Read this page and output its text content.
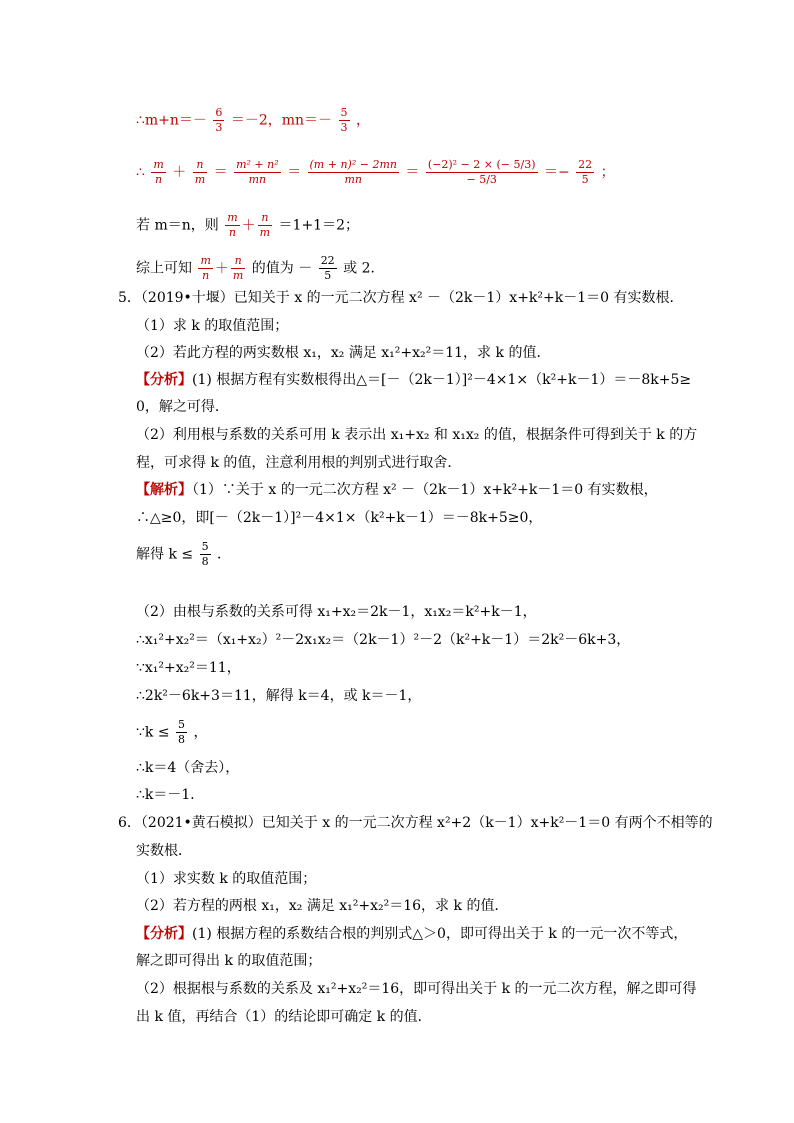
∴m+n＝－ $\frac{6}{3} =-2$，$mn=- \frac{5}{3}$ ，
∴ $\frac{m}{n} + \frac{n}{m} = \frac{\text{m² + n²}}{mn} = \frac{\text{(m + n)² − 2mn}}{mn} = \frac{\text{(−2)² − 2 × (− 5/3)}}{- 5/3} =- \frac{22}{5}$ ；
若 m＝n，则 $\frac{m}{n} + \frac{n}{m} =1+1=2$；
综上可知 $\frac{m}{n} + \frac{n}{m}$ 的值为 － $\frac{22}{5}$ 或 2．
5．（2019•十堰）已知关于 x 的一元二次方程 x² －（2k－1）x+k²+k－1＝0 有实数根．
（1）求 k 的取值范围；
（2）若此方程的两实数根 x₁，x₂ 满足 x₁²+x₂²＝11，求 k 的值．
【分析】(1) 根据方程有实数根得出△＝[－（2k－1）]²－4×1×（k²+k－1）＝－8k+5≥
0，解之可得．
（2）利用根与系数的关系可用 k 表示出 x₁+x₂ 和 x₁x₂ 的值，根据条件可得到关于 k 的方
程，可求得 k 的值，注意利用根的判别式进行取舍．
【解析】（1）∵关于 x 的一元二次方程 x² －（2k－1）x+k²+k－1＝0 有实数根，
∴△≥0，即[－（2k－1）]²－4×1×（k²+k－1）＝－8k+5≥0，
解得 $k \le \frac{5}{8}$ ．
（2）由根与系数的关系可得 x₁+x₂＝2k－1，x₁x₂＝k²+k－1，
∴x₁²+x₂²＝（x₁+x₂）²－2x₁x₂＝（2k－1）²－2（k²+k－1）＝2k²－6k+3，
∵x₁²+x₂²＝11，
∴2k²－6k+3＝11，解得 k＝4，或 k＝－1，
∵k ≤ $\frac{5}{8}$ ，
∴k＝4（舍去），
∴k＝－1．
6．（2021•黄石模拟）已知关于 x 的一元二次方程 x²+2（k－1）x+k²－1＝0 有两个不相等的
实数根．
（1）求实数 k 的取值范围；
（2）若方程的两根 x₁，x₂ 满足 x₁²+x₂²＝16，求 k 的值．
【分析】(1) 根据方程的系数结合根的判别式△＞0，即可得出关于 k 的一元一次不等式，
解之即可得出 k 的取值范围；
（2）根据根与系数的关系及 x₁²+x₂²＝16，即可得出关于 k 的一元二次方程，解之即可得
出 k 值，再结合（1）的结论即可确定 k 的值．
